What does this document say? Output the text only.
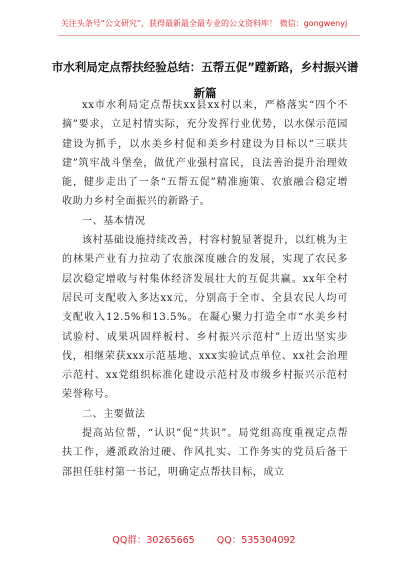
关注头条号“公文研究”，获得最新最全最专业的公文资料库！ 微信：gongwenyj
市水利局定点帮扶经验总结：五帮五促”蹚新路，乡村振兴谱新篇

xx市水利局定点帮扶xx县xx村以来，严格落实“四个不摘”要求，立足村情实际，充分发挥行业优势，以水保示范园建设为抓手，以水美乡村促和美乡村建设为目标以“三联共建”筑牢战斗堡垒，做优产业强村富民，良法善治提升治理效能，健步走出了一条“五帮五促”精准施策、农旅融合稳定增收助力乡村全面振兴的新路子。

一、基本情况

该村基础设施持续改善，村容村貌显著提升，以红桃为主的林果产业有力拉动了农旅深度融合的发展，实现了农民多层次稳定增收与村集体经济发展壮大的互促共赢。xx年全村居民可支配收入多达xx元，分别高于全市、全县农民人均可支配收入12.5%和13.5%。在凝心聚力打造全市“水美乡村试验村、成果巩固样板村、乡村振兴示范村”上迈出坚实步伐，相继荣获xxx示范基地、xxx实验试点单位、xx社会治理示范村、xx党组织标准化建设示范村及市级乡村振兴示范村荣誉称号。

二、主要做法

提高站位帮，“认识”促“共识”。局党组高度重视定点帮扶工作，遴派政治过硬、作风扎实、工作务实的党员后备干部担任驻村第一书记，明确定点帮扶目标，成立

QQ群：30265665 QQ：535304092
